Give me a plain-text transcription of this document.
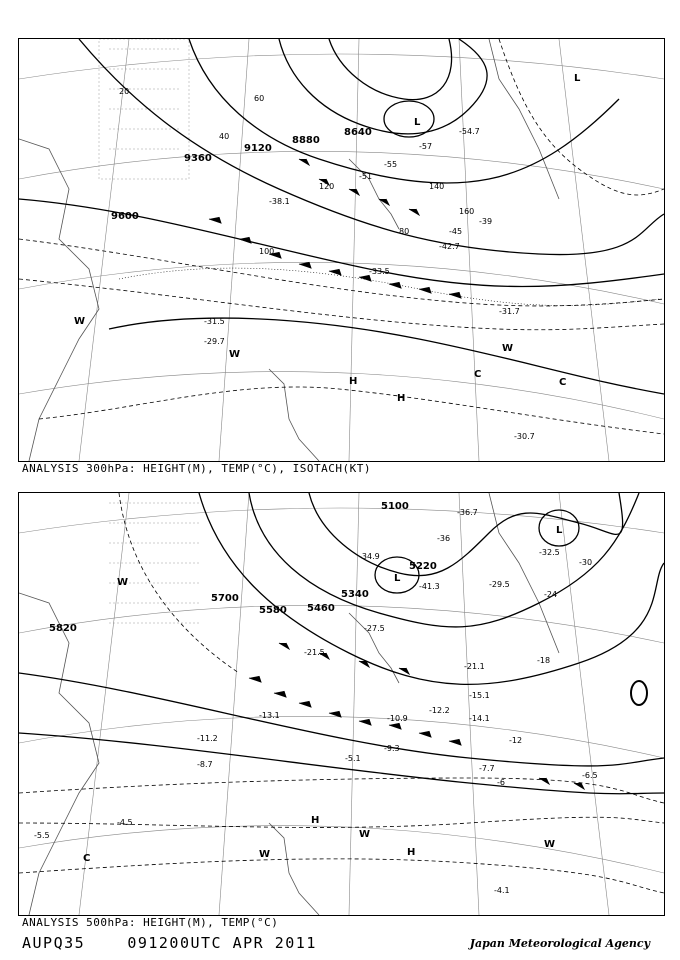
9600
9360
9120
8880
8640
20
40
60
80
100
120	140
160
-31.5
-33.5
-39
-45
-51
-55
-57
-30.7
-29.7
-31.7
-38.1
-42.7
-54.7
L
L
H
H
W
W
W
C
C
ANALYSIS 300hPa: HEIGHT(M), TEMP(°C), ISOTACH(KT)
5820
5700
5580 5460
5340
5220
5100
-6
-12
-18
-24
-30
-36
-4.1
-7.7
-6.5
-14.1
-15.1
-21.1
-9.3
-10.9
-12.2
-21.5
-27.5
-29.5
-32.5
-34.9
-36.7
-41.3
-5.5
-4.5
-5.1
-8.7
-11.2
-13.1
L
L
H
H
W
W
W
W
C
ANALYSIS 500hPa: HEIGHT(M), TEMP(°C)
AUPQ35	091200UTC APR 2011	Japan Meteorological Agency
